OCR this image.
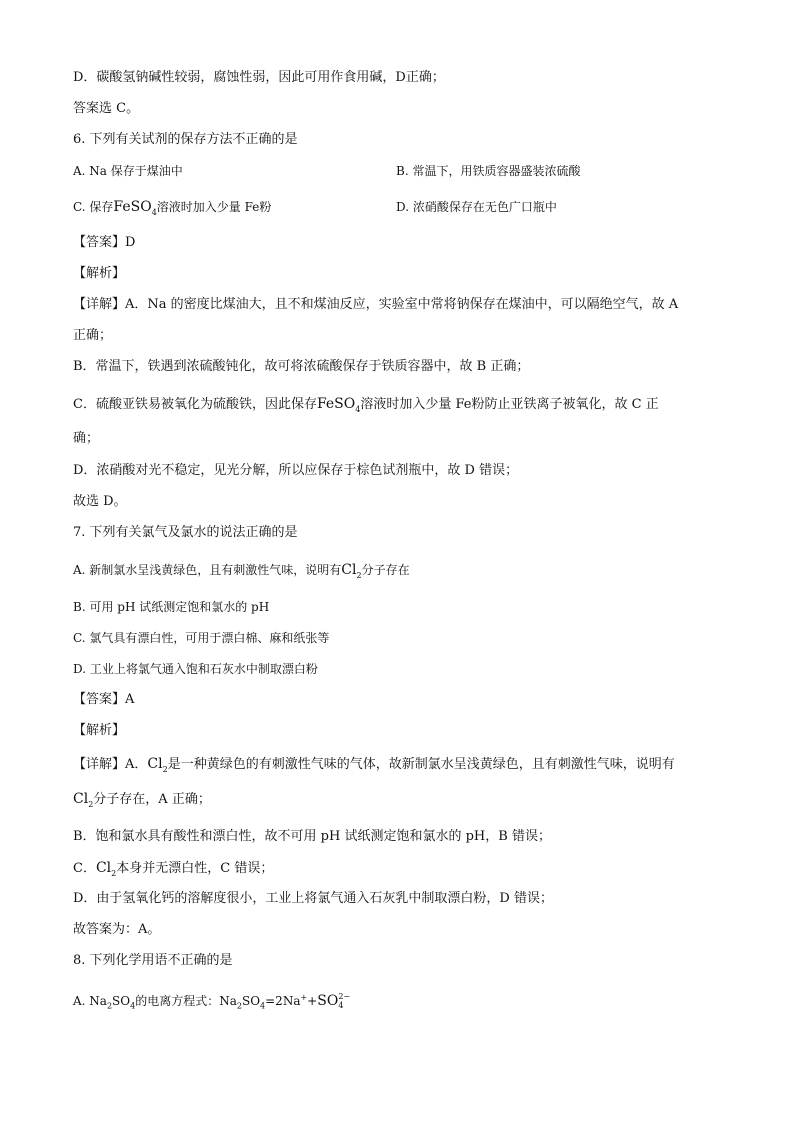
D．碳酸氢钠碱性较弱，腐蚀性弱，因此可用作食用碱，D正确；
答案选 C。
6. 下列有关试剂的保存方法不正确的是
A. Na 保存于煤油中	B. 常温下，用铁质容器盛装浓硫酸
C. 保存FeSO$_4$溶液时加入少量 Fe粉	D. 浓硝酸保存在无色广口瓶中
【答案】D
【解析】
【详解】A．Na 的密度比煤油大，且不和煤油反应，实验室中常将钠保存在煤油中，可以隔绝空气，故 A
正确；
B．常温下，铁遇到浓硫酸钝化，故可将浓硫酸保存于铁质容器中，故 B 正确；
C．硫酸亚铁易被氧化为硫酸铁，因此保存FeSO$_4$溶液时加入少量 Fe粉防止亚铁离子被氧化，故 C 正
确；
D．浓硝酸对光不稳定，见光分解，所以应保存于棕色试剂瓶中，故 D 错误；
故选 D。
7. 下列有关氯气及氯水的说法正确的是
A. 新制氯水呈浅黄绿色，且有刺激性气味，说明有$Cl_2$分子存在
B. 可用 pH 试纸测定饱和氯水的 pH
C. 氯气具有漂白性，可用于漂白棉、麻和纸张等
D. 工业上将氯气通入饱和石灰水中制取漂白粉
【答案】A
【解析】
【详解】A．$Cl_2$是一种黄绿色的有刺激性气味的气体，故新制氯水呈浅黄绿色，且有刺激性气味，说明有
$Cl_2$分子存在，A 正确；
B．饱和氯水具有酸性和漂白性，故不可用 pH 试纸测定饱和氯水的 pH，B 错误；
C．$Cl_2$本身并无漂白性，C 错误；
D．由于氢氧化钙的溶解度很小，工业上将氯气通入石灰乳中制取漂白粉，D 错误；
故答案为：A。
8. 下列化学用语不正确的是
A. $Na_2SO_4$的电离方程式：$Na_2SO_4=2Na^++SO$ 2−
4
